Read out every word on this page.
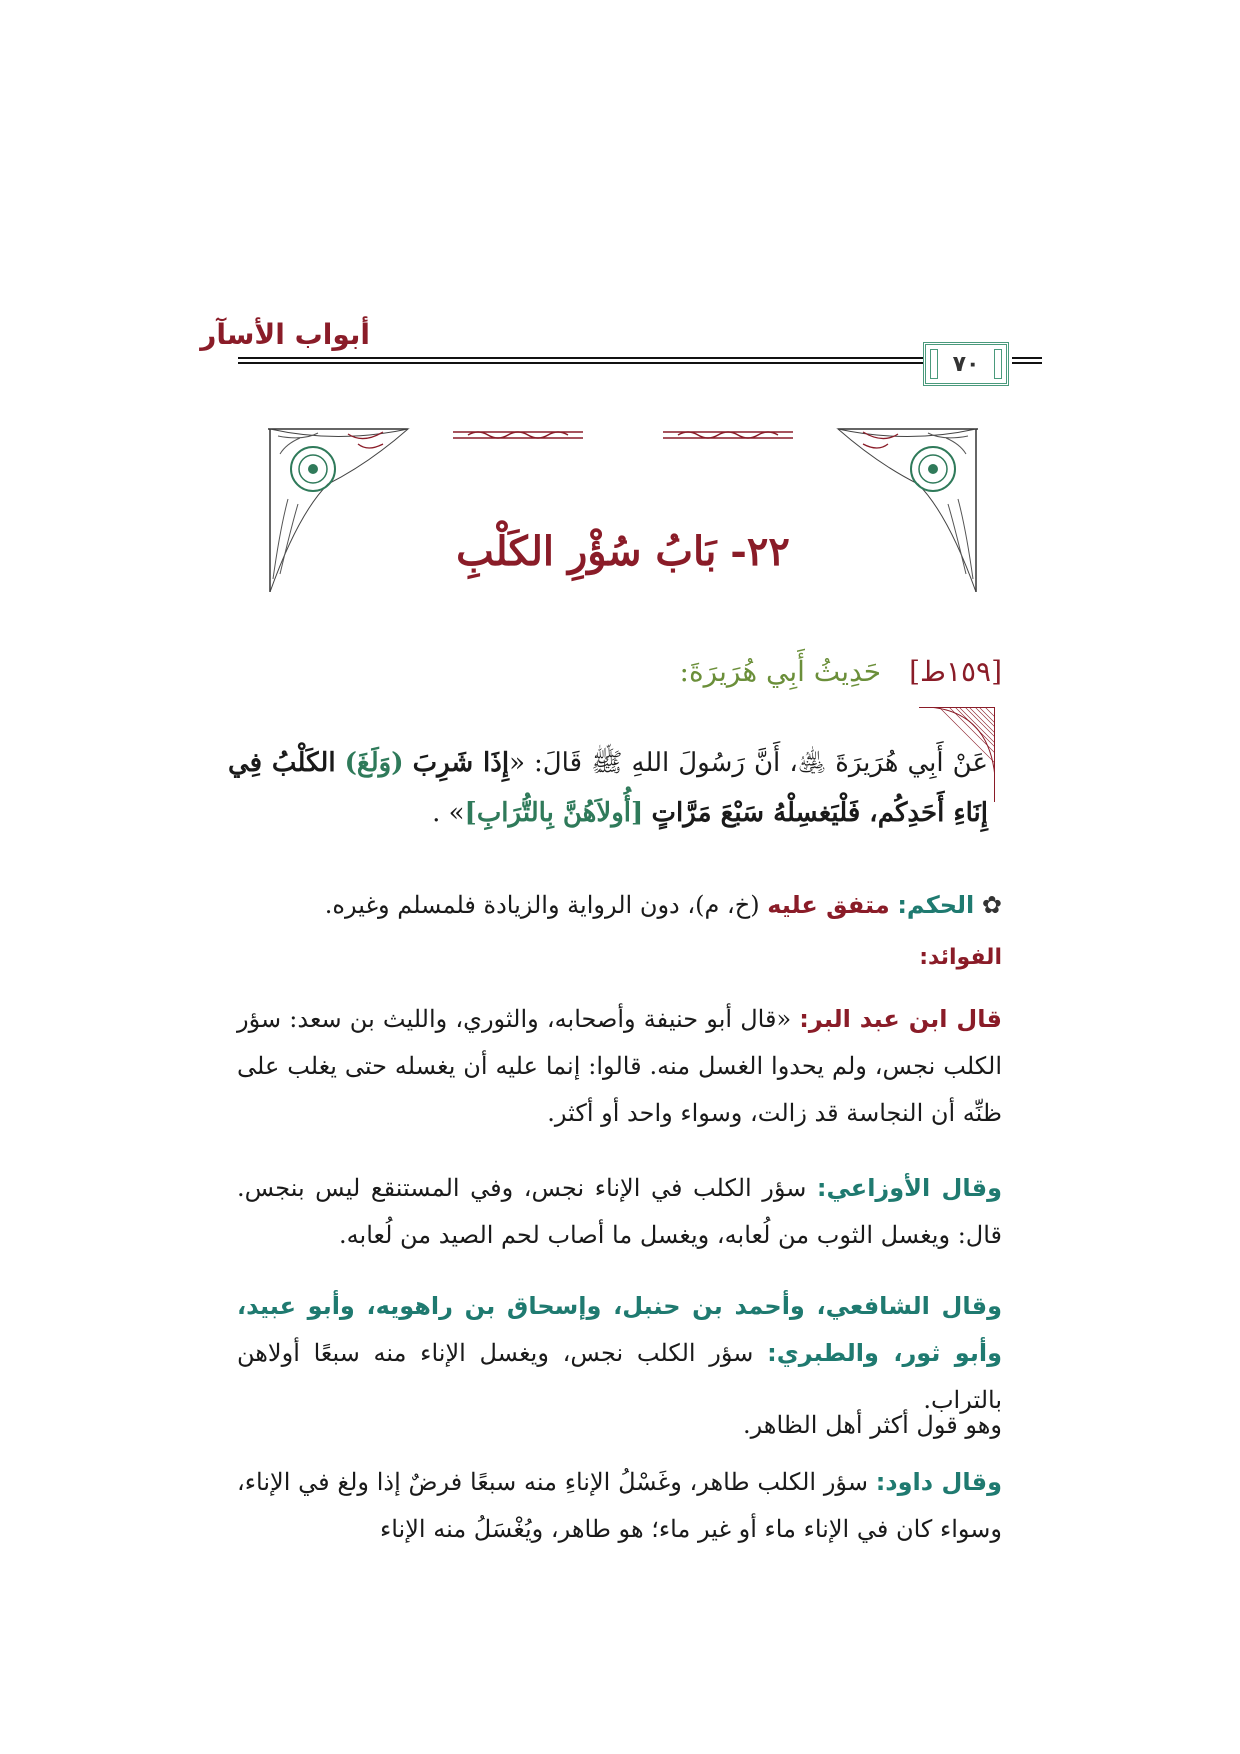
أبواب الأسآر
٧٠
٢٢- بَابُ سُؤْرِ الكَلْبِ
[١٥٩ط]حَدِيثُ أَبِي هُرَيرَةَ:
عَنْ أَبِي هُرَيرَةَ ﵁، أَنَّ رَسُولَ اللهِ ﷺ قَالَ: «إِذَا شَرِبَ (وَلَغَ) الكَلْبُ فِي إِنَاءِ أَحَدِكُم، فَلْيَغسِلْهُ سَبْعَ مَرَّاتٍ [أُولاَهُنَّ بِالتُّرَابِ]» .
✿ الحكم: متفق عليه (خ، م)، دون الرواية والزيادة فلمسلم وغيره.
الفوائد:
قال ابن عبد البر: «قال أبو حنيفة وأصحابه، والثوري، والليث بن سعد: سؤر الكلب نجس، ولم يحدوا الغسل منه. قالوا: إنما عليه أن يغسله حتى يغلب على ظنِّه أن النجاسة قد زالت، وسواء واحد أو أكثر.
وقال الأوزاعي: سؤر الكلب في الإناء نجس، وفي المستنقع ليس بنجس. قال: ويغسل الثوب من لُعابه، ويغسل ما أصاب لحم الصيد من لُعابه.
وقال الشافعي، وأحمد بن حنبل، وإسحاق بن راهويه، وأبو عبيد، وأبو ثور، والطبري: سؤر الكلب نجس، ويغسل الإناء منه سبعًا أولاهن بالتراب.
وهو قول أكثر أهل الظاهر.
وقال داود: سؤر الكلب طاهر، وغَسْلُ الإناءِ منه سبعًا فرضٌ إذا ولغ في الإناء، وسواء كان في الإناء ماء أو غير ماء؛ هو طاهر، ويُغْسَلُ منه الإناء
